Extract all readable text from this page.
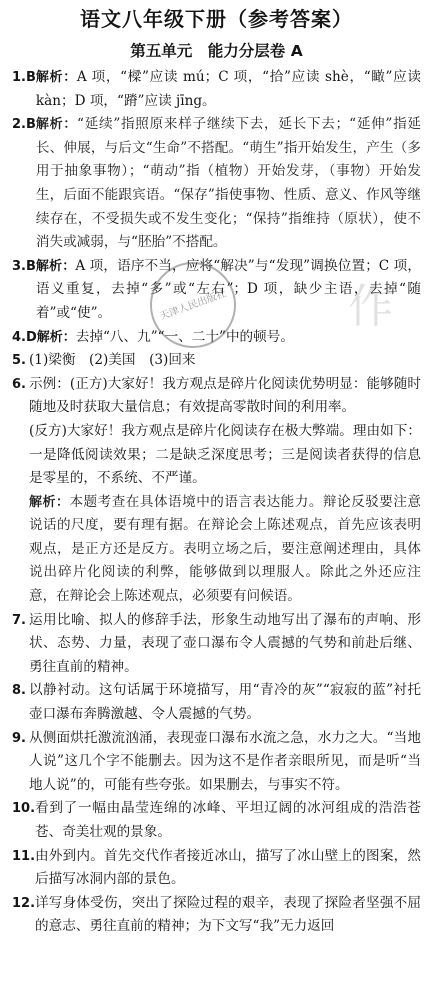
语文八年级下册（参考答案）
第五单元　能力分层卷 A
1.B 解析：A 项，“樑”应读 mú；C 项，“拾”应读 shè，“瞰”应读 kàn；D 项，“蹐”应读 jīng。
2.B 解析：“延续”指照原来样子继续下去，延长下去；“延伸”指延长、伸展，与后文“生命”不搭配。“萌生”指开始发生，产生（多用于抽象事物）；“萌动”指（植物）开始发芽，（事物）开始发生，后面不能跟宾语。“保存”指使事物、性质、意义、作风等继续存在，不受损失或不发生变化；“保持”指维持（原状），使不消失或减弱，与“胚胎”不搭配。
3.B 解析：A 项，语序不当，应将“解决”与“发现”调换位置；C 项，语义重复，去掉“多”或“左右”；D 项，缺少主语，去掉“随着”或“使”。
4.D 解析：去掉“八、九”“一、二十”中的顿号。
5. (1)梁衡　(2)美国　(3)回来
6. 示例：(正方)大家好！我方观点是碎片化阅读优势明显：能够随时随地及时获取大量信息；有效提高零散时间的利用率。
(反方)大家好！我方观点是碎片化阅读存在极大弊端。理由如下：一是降低阅读效果；二是缺乏深度思考；三是阅读者获得的信息是零星的，不系统、不严谨。
解析：本题考查在具体语境中的语言表达能力。辩论反驳要注意说话的尺度，要有理有据。在辩论会上陈述观点，首先应该表明观点，是正方还是反方。表明立场之后，要注意阐述理由，具体说出碎片化阅读的利弊，能够做到以理服人。除此之外还应注意，在辩论会上陈述观点，必须要有问候语。
7. 运用比喻、拟人的修辞手法，形象生动地写出了瀑布的声响、形状、态势、力量，表现了壶口瀑布令人震撼的气势和前赴后继、勇往直前的精神。
8. 以静衬动。这句话属于环境描写，用“青冷的灰”“寂寂的蓝”衬托壶口瀑布奔腾激越、令人震撼的气势。
9. 从侧面烘托激流汹涌，表现壶口瀑布水流之急，水力之大。“当地人说”这几个字不能删去。因为这不是作者亲眼所见，而是听“当地人说”的，可能有些夸张。如果删去，与事实不符。
10. 看到了一幅由晶莹连绵的冰峰、平坦辽阔的冰河组成的浩浩苍苍、奇美壮观的景象。
11. 由外到内。首先交代作者接近冰山，描写了冰山壁上的图案，然后描写冰洞内部的景色。
12. 详写身体受伤，突出了探险过程的艰辛，表现了探险者坚强不屈的意志、勇往直前的精神；为下文写“我”无力返回
天津人民出版社	作
